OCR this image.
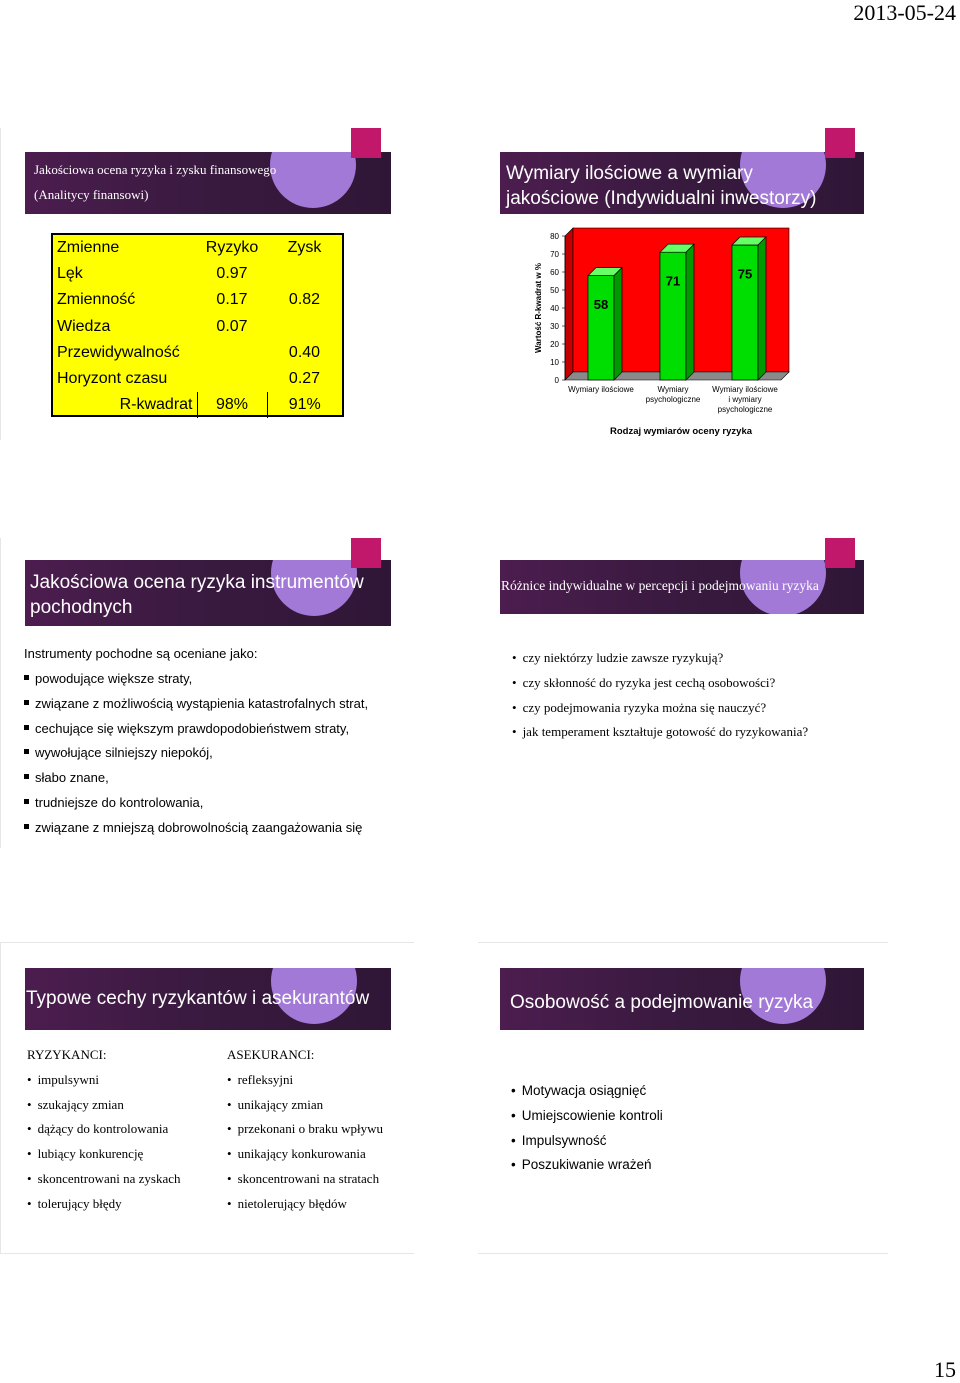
2013-05-24
Jakościowa ocena ryzyka i zysku finansowego
(Analitycy finansowi)
Zmienne	Ryzyko	Zysk
Lęk	0.97	
Zmienność	0.17	0.82
Wiedza	0.07	
Przewidywalność		0.40
Horyzont czasu		0.27
R-kwadrat	98%	91%
Wymiary ilościowe a wymiary
jakościowe (Indywidualni inwestorzy)
0
10
20
30
40
50
60
70
80
Wartość R-kwadrat w %	58
Wymiary ilościowe
71
Wymiary
psychologiczne
75
Wymiary ilościowe
i wymiary
psychologiczne
Rodzaj wymiarów oceny ryzyka
Jakościowa ocena ryzyka instrumentów
pochodnych
Instrumenty pochodne są oceniane jako:
powodujące większe straty,
związane z możliwością wystąpienia katastrofalnych strat,
cechujące się większym prawdopodobieństwem straty,
wywołujące silniejszy niepokój,
słabo znane,
trudniejsze do kontrolowania,
związane z mniejszą dobrowolnością zaangażowania się
Różnice indywidualne w percepcji i podejmowaniu ryzyka
• czy niektórzy ludzie zawsze ryzykują?
• czy skłonność do ryzyka jest cechą osobowości?
• czy podejmowania ryzyka można się nauczyć?
• jak temperament kształtuje gotowość do ryzykowania?
Typowe cechy ryzykantów i asekurantów
RYZYKANCI:
• impulsywni
• szukający zmian
• dążący do kontrolowania
• lubiący konkurencję
• skoncentrowani na zyskach
• tolerujący błędy
ASEKURANCI:
• refleksyjni
• unikający zmian
• przekonani o braku wpływu
• unikający konkurowania
• skoncentrowani na stratach
• nietolerujący błędów
Osobowość a podejmowanie ryzyka
• Motywacja osiągnięć
• Umiejscowienie kontroli
• Impulsywność
• Poszukiwanie wrażeń
15
